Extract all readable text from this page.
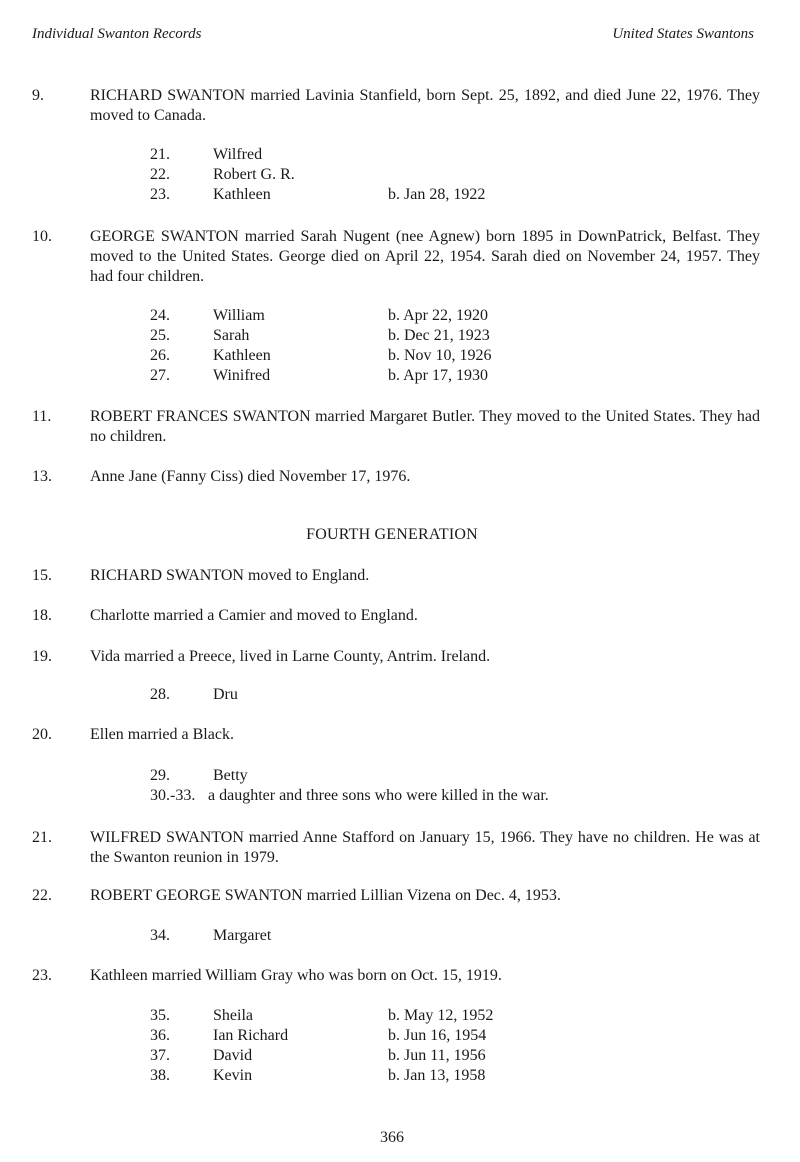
Individual Swanton Records	United States Swantons
9.	RICHARD SWANTON married Lavinia Stanfield, born Sept. 25, 1892, and died June 22, 1976. They moved to Canada.
21.	Wilfred
22.	Robert G. R.
23.	Kathleen	b. Jan 28, 1922
10. GEORGE SWANTON married Sarah Nugent (nee Agnew) born 1895 in DownPatrick, Belfast. They moved to the United States. George died on April 22, 1954. Sarah died on November 24, 1957. They had four children.
24.	William	b. Apr 22, 1920
25.	Sarah	b. Dec 21, 1923
26.	Kathleen	b. Nov 10, 1926
27.	Winifred	b. Apr 17, 1930
11. ROBERT FRANCES SWANTON married Margaret Butler. They moved to the United States. They had no children.
13. Anne Jane (Fanny Ciss) died November 17, 1976.
FOURTH GENERATION
15. RICHARD SWANTON moved to England.
18. Charlotte married a Camier and moved to England.
19. Vida married a Preece, lived in Larne County, Antrim. Ireland.
28.	Dru
20. Ellen married a Black.
29.	Betty
30.-33. a daughter and three sons who were killed in the war.
21. WILFRED SWANTON married Anne Stafford on January 15, 1966. They have no children. He was at the Swanton reunion in 1979.
22. ROBERT GEORGE SWANTON married Lillian Vizena on Dec. 4, 1953.
34.	Margaret
23. Kathleen married William Gray who was born on Oct. 15, 1919.
35.	Sheila	b. May 12, 1952
36.	Ian Richard	b. Jun 16, 1954
37.	David	b. Jun 11, 1956
38.	Kevin	b. Jan 13, 1958
366
